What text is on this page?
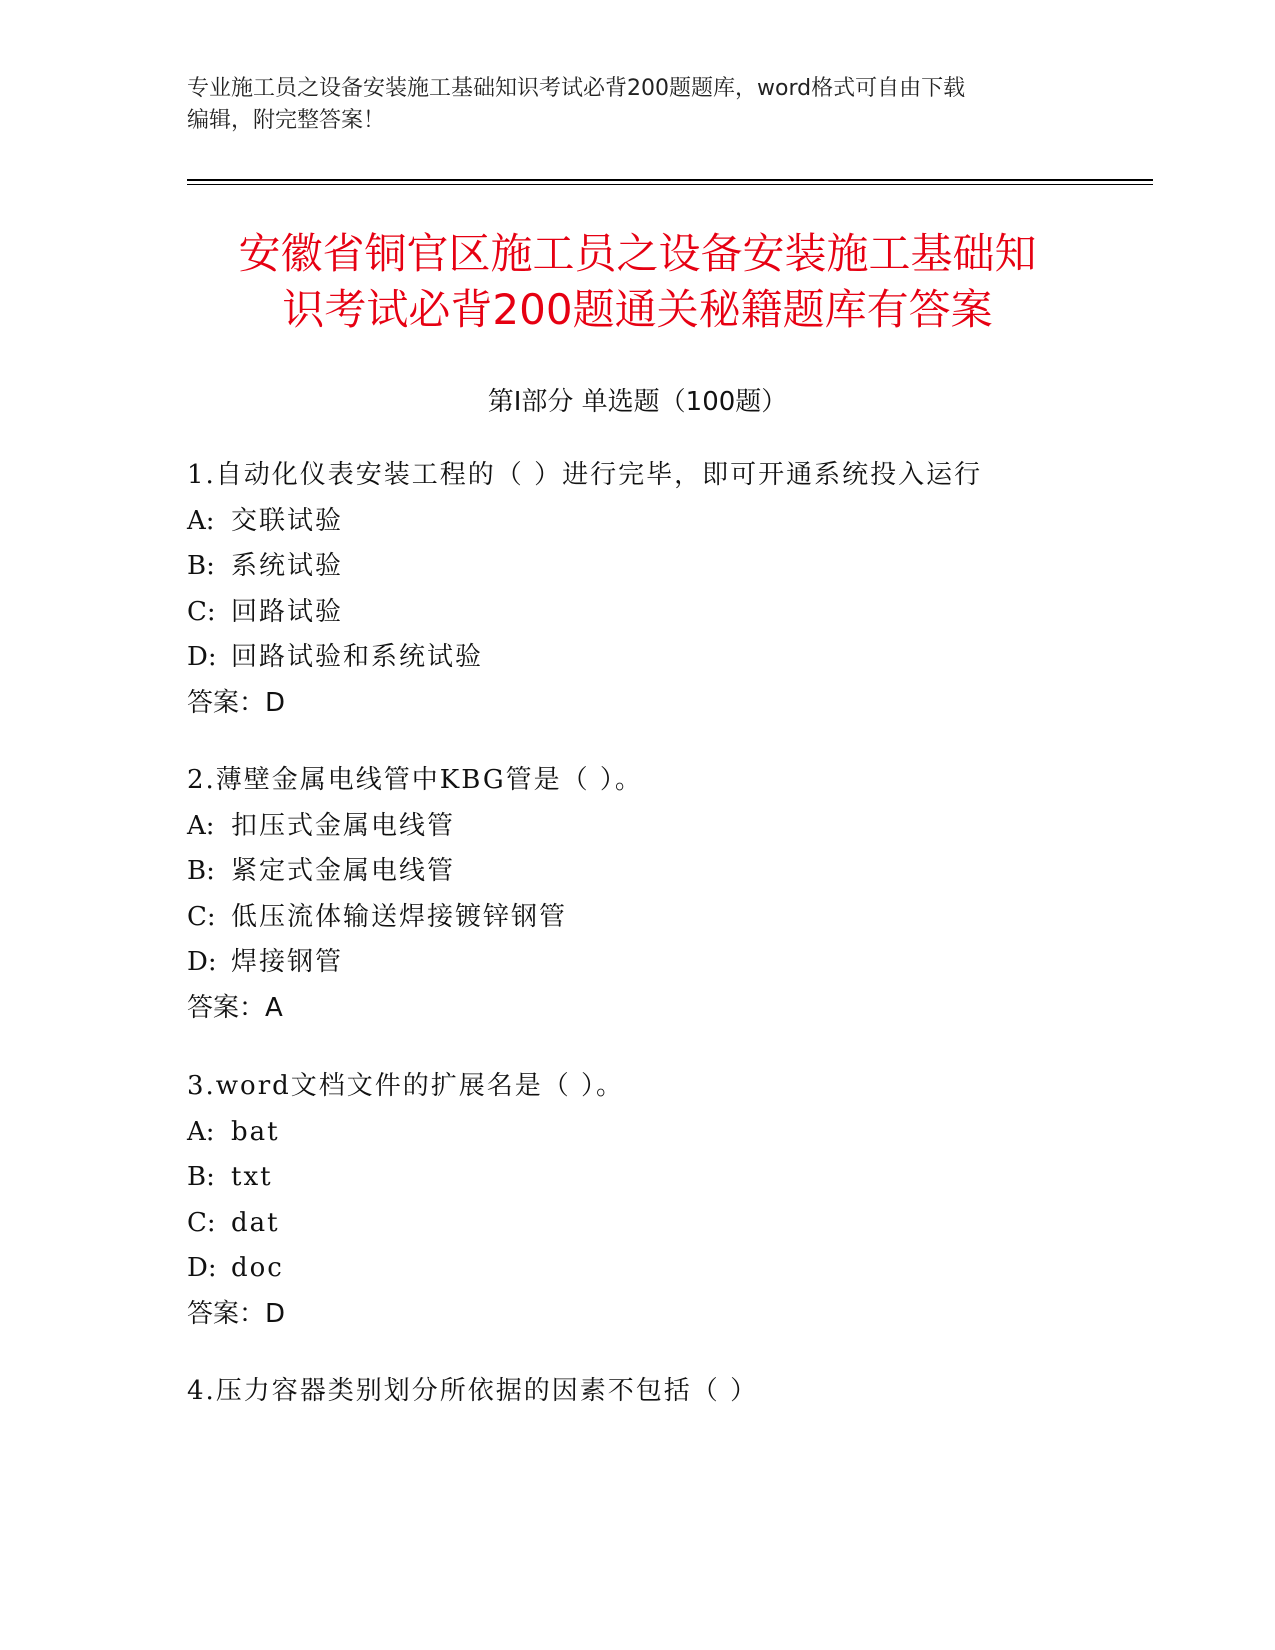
专业施工员之设备安装施工基础知识考试必背200题题库，word格式可自由下载
编辑，附完整答案！
安徽省铜官区施工员之设备安装施工基础知
识考试必背200题通关秘籍题库有答案
第Ⅰ部分 单选题（100题）
1.自动化仪表安装工程的（ ）进行完毕，即可开通系统投入运行
A: 交联试验
B: 系统试验
C: 回路试验
D: 回路试验和系统试验
答案：D
2.薄壁金属电线管中KBG管是（ ）。
A: 扣压式金属电线管
B: 紧定式金属电线管
C: 低压流体输送焊接镀锌钢管
D: 焊接钢管
答案：A
3.word文档文件的扩展名是（ ）。
A: bat
B: txt
C: dat
D: doc
答案：D
4.压力容器类别划分所依据的因素不包括（ ）
